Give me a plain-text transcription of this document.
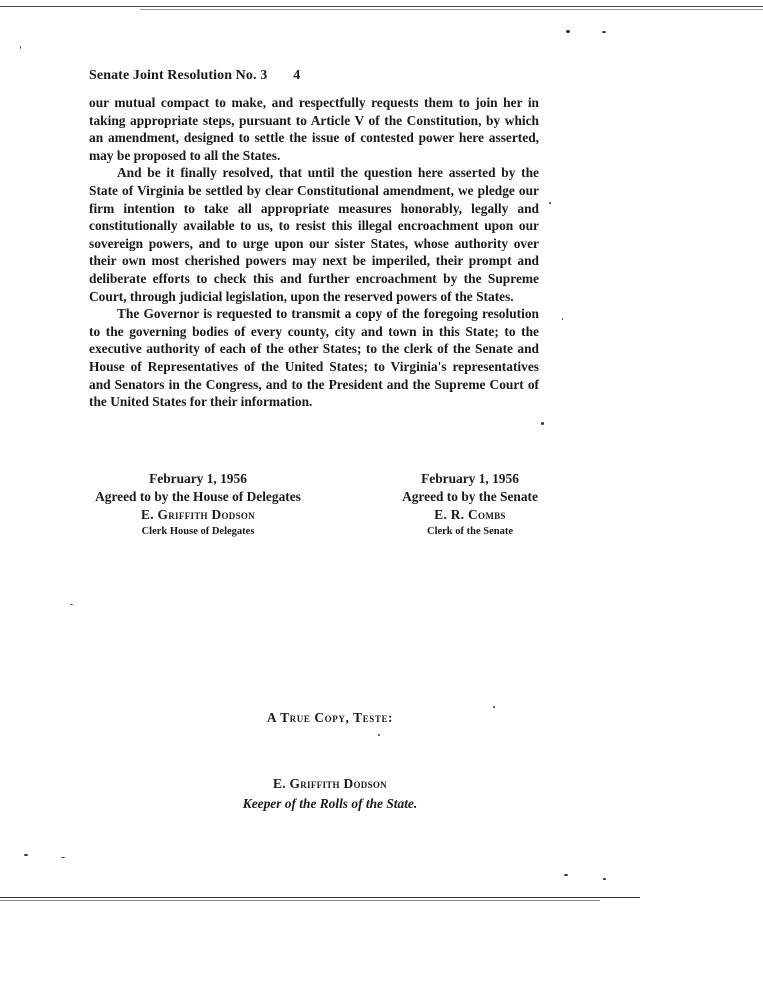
Senate Joint Resolution No. 3 4

our mutual compact to make, and respectfully requests them to join her in taking appropriate steps, pursuant to Article V of the Constitution, by which an amendment, designed to settle the issue of contested power here asserted, may be proposed to all the States.

And be it finally resolved, that until the question here asserted by the State of Virginia be settled by clear Constitutional amendment, we pledge our firm intention to take all appropriate measures honorably, legally and constitutionally available to us, to resist this illegal encroachment upon our sovereign powers, and to urge upon our sister States, whose authority over their own most cherished powers may next be imperiled, their prompt and deliberate efforts to check this and further encroachment by the Supreme Court, through judicial legislation, upon the reserved powers of the States.

The Governor is requested to transmit a copy of the foregoing resolution to the governing bodies of every county, city and town in this State; to the executive authority of each of the other States; to the clerk of the Senate and House of Representatives of the United States; to Virginia's representatives and Senators in the Congress, and to the President and the Supreme Court of the United States for their information.

February 1, 1956
Agreed to by the House of Delegates
E. Griffith Dodson
Clerk House of Delegates
February 1, 1956
Agreed to by the Senate
E. R. Combs
Clerk of the Senate
A True Copy, Teste:
E. Griffith Dodson
Keeper of the Rolls of the State.
